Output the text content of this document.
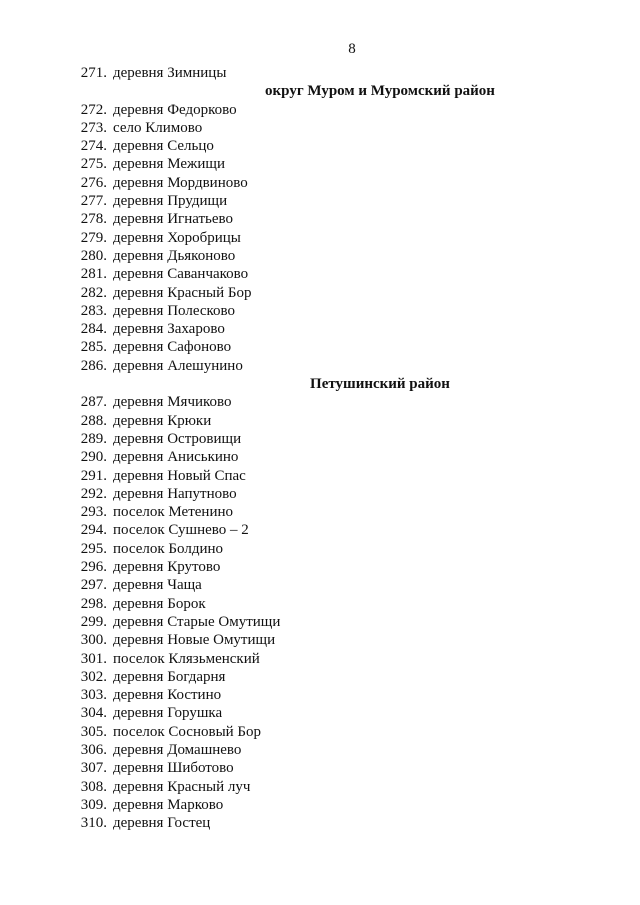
8
271. деревня Зимницы
округ Муром и Муромский район
272. деревня Федорково
273. село Климово
274. деревня Сельцо
275. деревня Межищи
276. деревня Мордвиново
277. деревня Прудищи
278. деревня Игнатьево
279. деревня Хоробрицы
280. деревня Дьяконово
281. деревня Саванчаково
282. деревня Красный Бор
283. деревня Полесково
284. деревня Захарово
285. деревня Сафоново
286. деревня Алешунино
Петушинский район
287. деревня Мячиково
288. деревня Крюки
289. деревня Островищи
290. деревня Аниськино
291. деревня Новый Спас
292. деревня Напутново
293. поселок Метенино
294. поселок Сушнево – 2
295. поселок Болдино
296. деревня Крутово
297. деревня Чаща
298. деревня Борок
299. деревня Старые Омутищи
300. деревня Новые Омутищи
301. поселок Клязьменский
302. деревня Богдарня
303. деревня Костино
304. деревня Горушка
305. поселок Сосновый Бор
306. деревня Домашнево
307. деревня Шиботово
308. деревня Красный луч
309. деревня Марково
310. деревня Гостец
